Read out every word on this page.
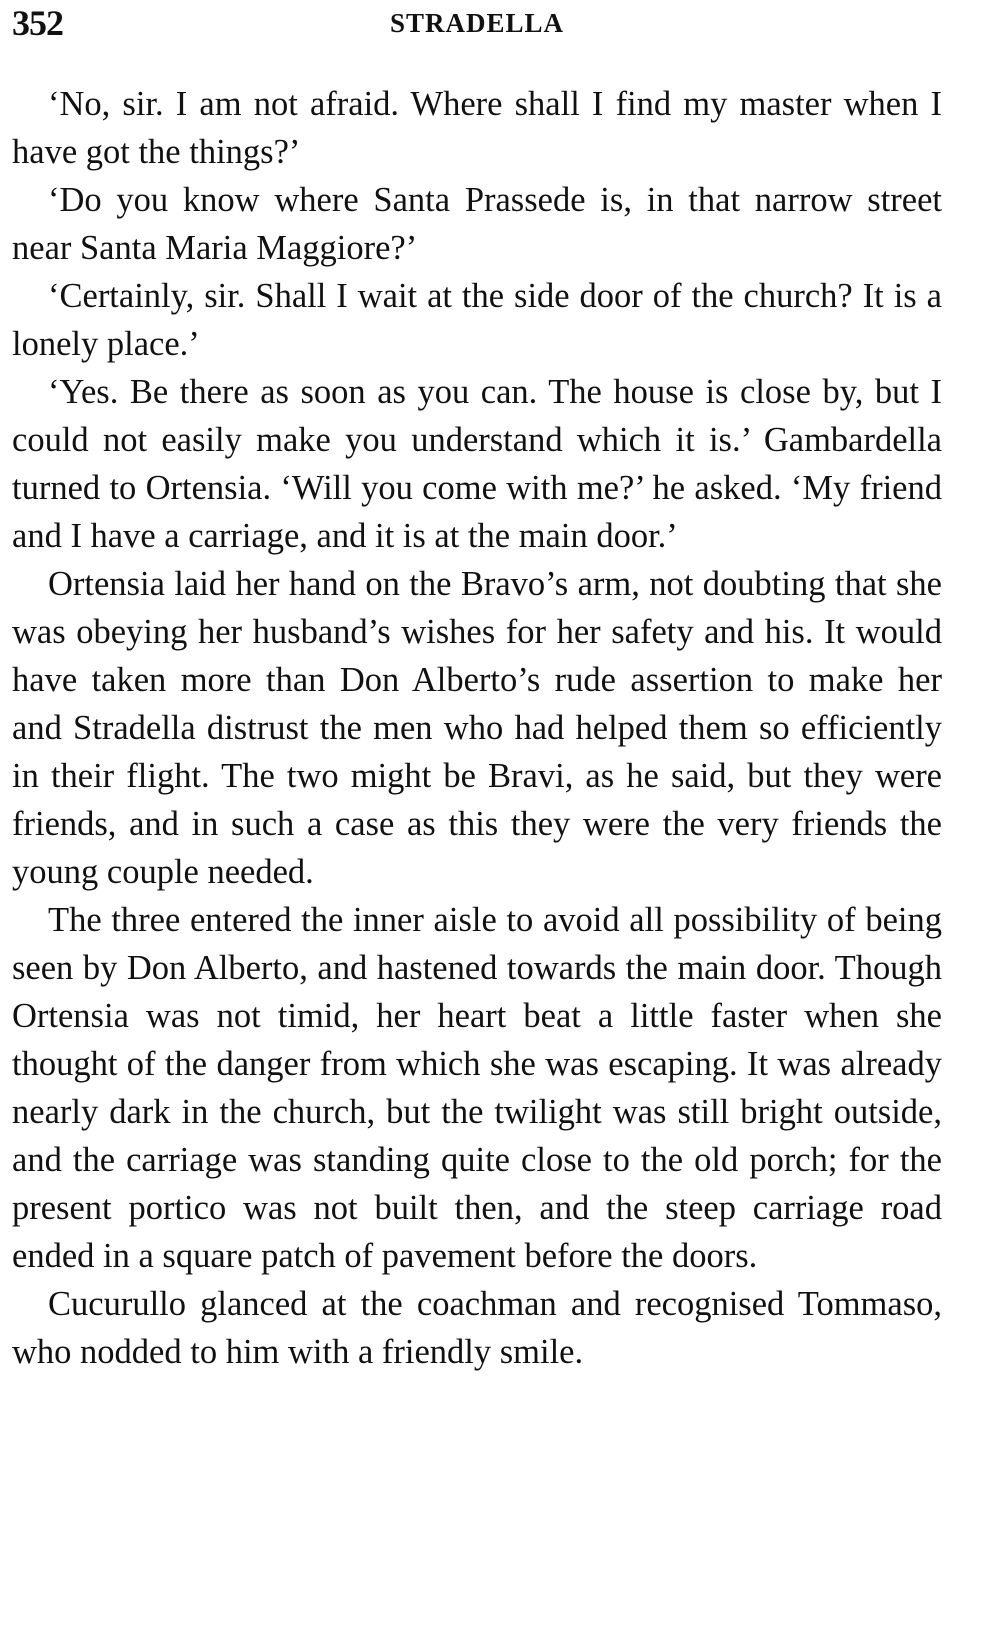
352	STRADELLA

‘No, sir. I am not afraid. Where shall I find my master when I have got the things?’

‘Do you know where Santa Prassede is, in that narrow street near Santa Maria Maggiore?’

‘Certainly, sir. Shall I wait at the side door of the church? It is a lonely place.’

‘Yes. Be there as soon as you can. The house is close by, but I could not easily make you understand which it is.’ Gambardella turned to Ortensia. ‘Will you come with me?’ he asked. ‘My friend and I have a carriage, and it is at the main door.’

Ortensia laid her hand on the Bravo’s arm, not doubting that she was obeying her husband’s wishes for her safety and his. It would have taken more than Don Alberto’s rude assertion to make her and Stradella distrust the men who had helped them so efficiently in their flight. The two might be Bravi, as he said, but they were friends, and in such a case as this they were the very friends the young couple needed.

The three entered the inner aisle to avoid all possibility of being seen by Don Alberto, and hastened towards the main door. Though Ortensia was not timid, her heart beat a little faster when she thought of the danger from which she was escaping. It was already nearly dark in the church, but the twilight was still bright outside, and the carriage was standing quite close to the old porch; for the present portico was not built then, and the steep carriage road ended in a square patch of pavement before the doors.

Cucurullo glanced at the coachman and recognised Tommaso, who nodded to him with a friendly smile.
